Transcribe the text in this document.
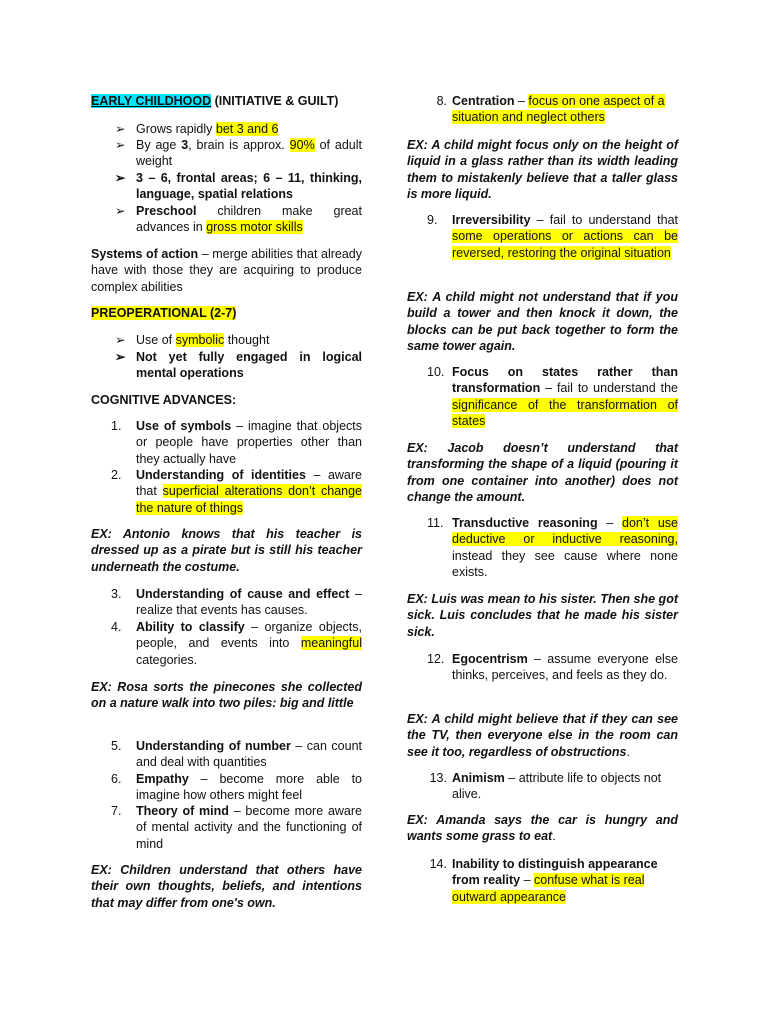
EARLY CHILDHOOD (INITIATIVE & GUILT)

➢ Grows rapidly bet 3 and 6
➢ By age 3, brain is approx. 90% of adult weight
➢ 3 – 6, frontal areas; 6 – 11, thinking, language, spatial relations
➢ Preschool children make great advances in gross motor skills

Systems of action – merge abilities that already have with those they are acquiring to produce complex abilities

PREOPERATIONAL (2-7)

➢ Use of symbolic thought
➢ Not yet fully engaged in logical mental operations

COGNITIVE ADVANCES:

1.	Use of symbols – imagine that objects or people have properties other than they actually have
2.	Understanding of identities – aware that superficial alterations don’t change the nature of things

EX: Antonio knows that his teacher is dressed up as a pirate but is still his teacher underneath the costume.

3.	Understanding of cause and effect – realize that events has causes.
4.	Ability to classify – organize objects, people, and events into meaningful categories.

EX: Rosa sorts the pinecones she collected on a nature walk into two piles: big and little

5.	Understanding of number – can count and deal with quantities
6.	Empathy – become more able to imagine how others might feel
7.	Theory of mind – become more aware of mental activity and the functioning of mind

EX: Children understand that others have their own thoughts, beliefs, and intentions that may differ from one's own.

8. Centration – focus on one aspect of a situation and neglect others

EX: A child might focus only on the height of liquid in a glass rather than its width leading them to mistakenly believe that a taller glass is more liquid.

9.	Irreversibility – fail to understand that some operations or actions can be reversed, restoring the original situation

EX: A child might not understand that if you build a tower and then knock it down, the blocks can be put back together to form the same tower again.

10. Focus on states rather than transformation – fail to understand the significance of the transformation of states

EX: Jacob doesn’t understand that transforming the shape of a liquid (pouring it from one container into another) does not change the amount.

11. Transductive reasoning – don’t use deductive or inductive reasoning, instead they see cause where none exists.

EX: Luis was mean to his sister. Then she got sick. Luis concludes that he made his sister sick.

12. Egocentrism – assume everyone else thinks, perceives, and feels as they do.

EX: A child might believe that if they can see the TV, then everyone else in the room can see it too, regardless of obstructions.

13. Animism – attribute life to objects not alive.

EX: Amanda says the car is hungry and wants some grass to eat.

14. Inability to distinguish appearance from reality – confuse what is real outward appearance
